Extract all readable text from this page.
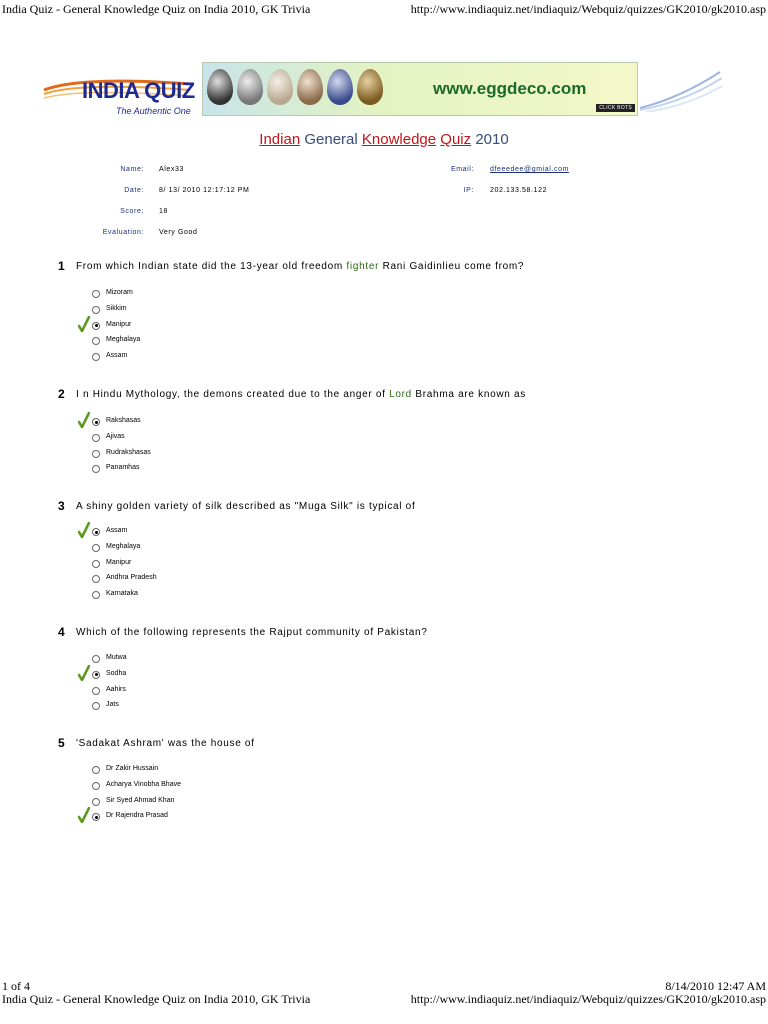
India Quiz - General Knowledge Quiz on India 2010, GK Trivia	http://www.indiaquiz.net/indiaquiz/Webquiz/quizzes/GK2010/gk2010.asp
INDIA QUIZ
The Authentic One
www.eggdeco.com
CLICK BOTS
Indian General Knowledge Quiz 2010
Name: Alex33
Date: 8/ 13/ 2010 12:17:12 PM
Score: 18
Evaluation: Very Good
Email: dfeeedee@gmial.com
IP: 202.133.58.122
1 From which Indian state did the 13-year old freedom fighter Rani Gaidinlieu come from?
Mizoram
Sikkim
Manipur
Meghalaya
Assam
2 I n Hindu Mythology, the demons created due to the anger of Lord Brahma are known as
Rakshasas
Ajivas
Rudrakshasas
Panamhas
3 A shiny golden variety of silk described as "Muga Silk" is typical of
Assam
Meghalaya
Manipur
Andhra Pradesh
Karnataka
4 Which of the following represents the Rajput community of Pakistan?
Mutwa
Sodha
Aahirs
Jats
5 'Sadakat Ashram' was the house of
Dr Zakir Hussain
Acharya Vinobha Bhave
Sir Syed Ahmad Khan
Dr Rajendra Prasad
1 of 4	8/14/2010 12:47 AM
India Quiz - General Knowledge Quiz on India 2010, GK Trivia	http://www.indiaquiz.net/indiaquiz/Webquiz/quizzes/GK2010/gk2010.asp
